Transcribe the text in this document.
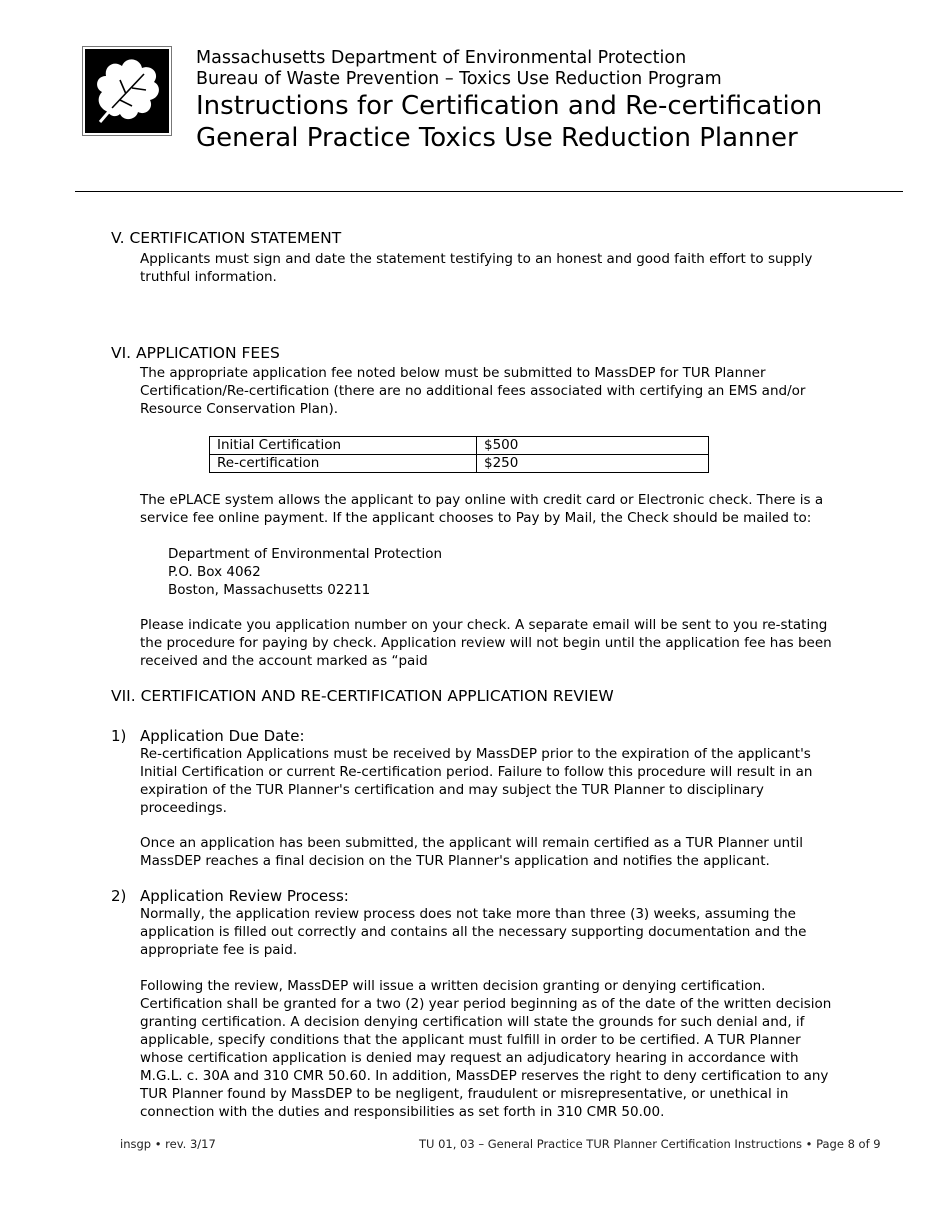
Massachusetts Department of Environmental Protection
Bureau of Waste Prevention – Toxics Use Reduction Program
Instructions for Certification and Re-certification
General Practice Toxics Use Reduction Planner
V. CERTIFICATION STATEMENT
Applicants must sign and date the statement testifying to an honest and good faith effort to supply truthful information.
VI. APPLICATION FEES
The appropriate application fee noted below must be submitted to MassDEP for TUR Planner Certification/Re-certification (there are no additional fees associated with certifying an EMS and/or Resource Conservation Plan).
Initial Certification	$500
Re-certification	$250
The ePLACE system allows the applicant to pay online with credit card or Electronic check. There is a service fee online payment. If the applicant chooses to Pay by Mail, the Check should be mailed to:
Department of Environmental Protection
P.O. Box 4062
Boston, Massachusetts 02211
Please indicate you application number on your check. A separate email will be sent to you re-stating the procedure for paying by check. Application review will not begin until the application fee has been received and the account marked as “paid
VII. CERTIFICATION AND RE-CERTIFICATION APPLICATION REVIEW
1) Application Due Date:
Re-certification Applications must be received by MassDEP prior to the expiration of the applicant's Initial Certification or current Re-certification period. Failure to follow this procedure will result in an expiration of the TUR Planner's certification and may subject the TUR Planner to disciplinary proceedings.
Once an application has been submitted, the applicant will remain certified as a TUR Planner until MassDEP reaches a final decision on the TUR Planner's application and notifies the applicant.
2) Application Review Process:
Normally, the application review process does not take more than three (3) weeks, assuming the application is filled out correctly and contains all the necessary supporting documentation and the appropriate fee is paid.
Following the review, MassDEP will issue a written decision granting or denying certification. Certification shall be granted for a two (2) year period beginning as of the date of the written decision granting certification. A decision denying certification will state the grounds for such denial and, if applicable, specify conditions that the applicant must fulfill in order to be certified. A TUR Planner whose certification application is denied may request an adjudicatory hearing in accordance with M.G.L. c. 30A and 310 CMR 50.60. In addition, MassDEP reserves the right to deny certification to any TUR Planner found by MassDEP to be negligent, fraudulent or misrepresentative, or unethical in connection with the duties and responsibilities as set forth in 310 CMR 50.00.
insgp • rev. 3/17	TU 01, 03 – General Practice TUR Planner Certification Instructions • Page 8 of 9
